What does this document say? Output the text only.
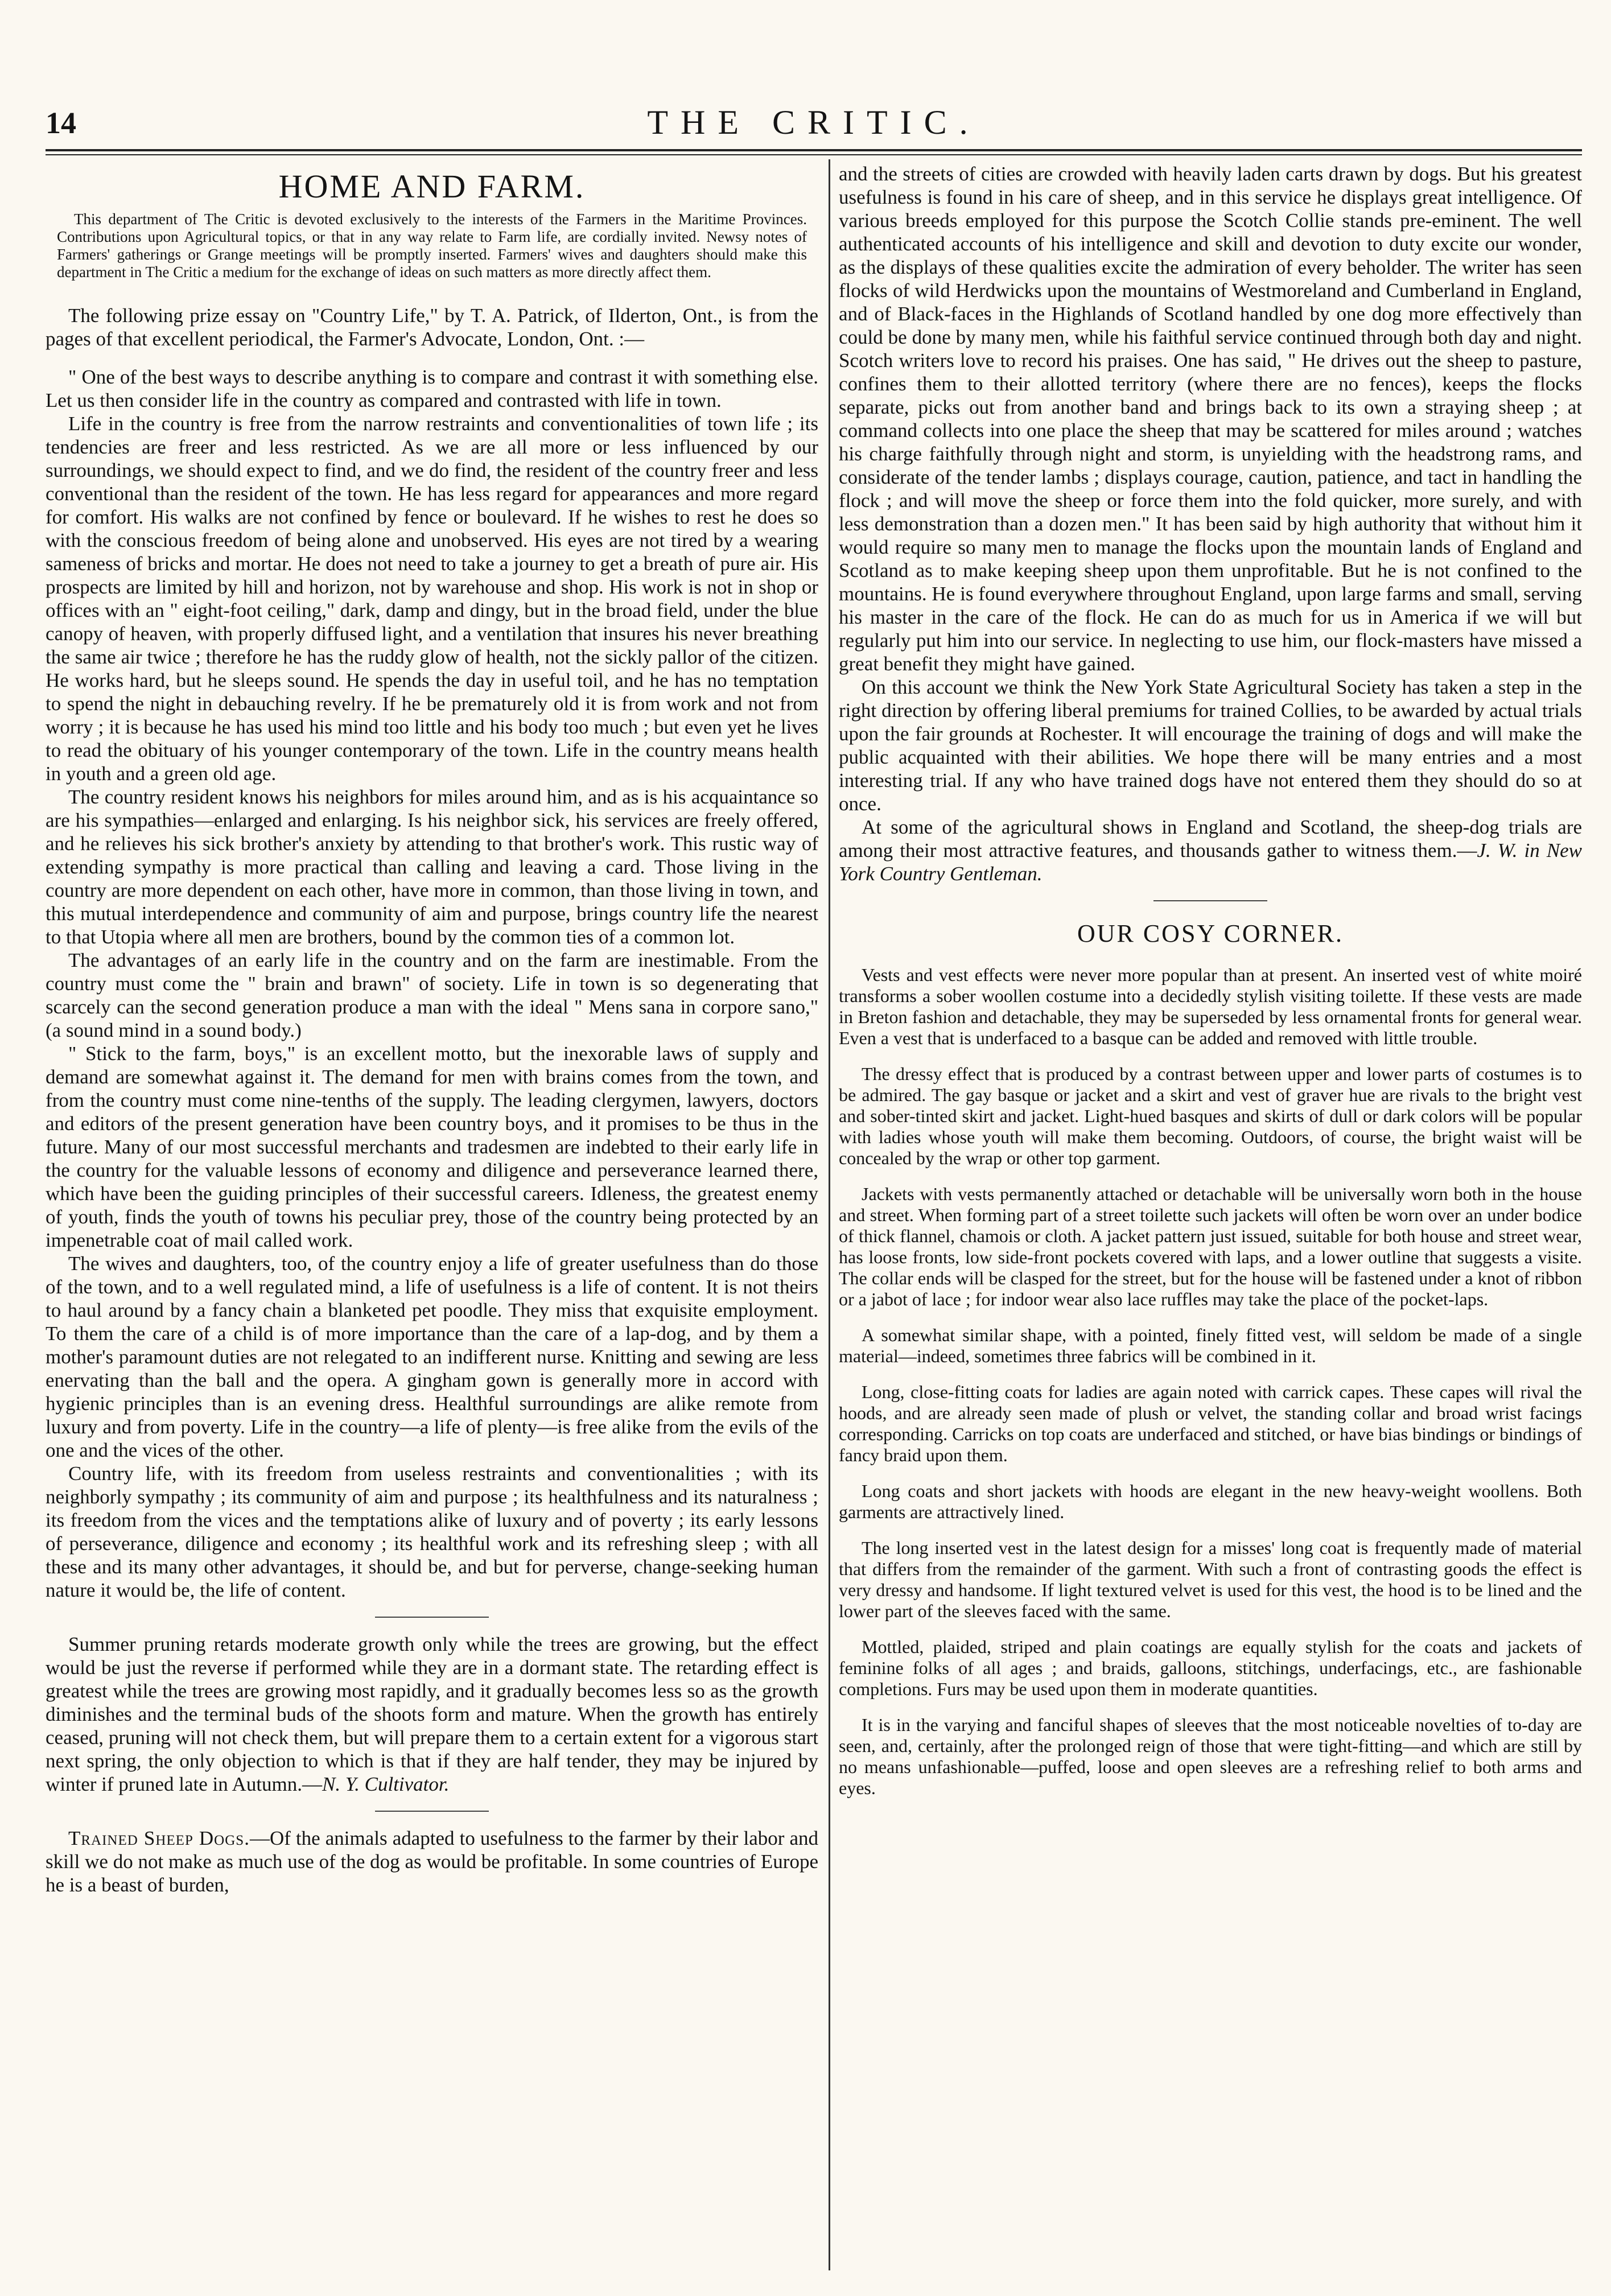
14	THE CRITIC.
HOME AND FARM.
This department of The Critic is devoted exclusively to the interests of the Farmers in the Maritime Provinces. Contributions upon Agricultural topics, or that in any way relate to Farm life, are cordially invited. Newsy notes of Farmers' gatherings or Grange meetings will be promptly inserted. Farmers' wives and daughters should make this department in The Critic a medium for the exchange of ideas on such matters as more directly affect them.

The following prize essay on "Country Life," by T. A. Patrick, of Ilderton, Ont., is from the pages of that excellent periodical, the Farmer's Advocate, London, Ont. :—

" One of the best ways to describe anything is to compare and contrast it with something else. Let us then consider life in the country as compared and contrasted with life in town.

Life in the country is free from the narrow restraints and conventionalities of town life ; its tendencies are freer and less restricted. As we are all more or less influenced by our surroundings, we should expect to find, and we do find, the resident of the country freer and less conventional than the resident of the town. He has less regard for appearances and more regard for comfort. His walks are not confined by fence or boulevard. If he wishes to rest he does so with the conscious freedom of being alone and unobserved. His eyes are not tired by a wearing sameness of bricks and mortar. He does not need to take a journey to get a breath of pure air. His prospects are limited by hill and horizon, not by warehouse and shop. His work is not in shop or offices with an " eight-foot ceiling," dark, damp and dingy, but in the broad field, under the blue canopy of heaven, with properly diffused light, and a ventilation that insures his never breathing the same air twice ; therefore he has the ruddy glow of health, not the sickly pallor of the citizen. He works hard, but he sleeps sound. He spends the day in useful toil, and he has no temptation to spend the night in debauching revelry. If he be prematurely old it is from work and not from worry ; it is because he has used his mind too little and his body too much ; but even yet he lives to read the obituary of his younger contemporary of the town. Life in the country means health in youth and a green old age.

The country resident knows his neighbors for miles around him, and as is his acquaintance so are his sympathies—enlarged and enlarging. Is his neighbor sick, his services are freely offered, and he relieves his sick brother's anxiety by attending to that brother's work. This rustic way of extending sympathy is more practical than calling and leaving a card. Those living in the country are more dependent on each other, have more in common, than those living in town, and this mutual interdependence and community of aim and purpose, brings country life the nearest to that Utopia where all men are brothers, bound by the common ties of a common lot.

The advantages of an early life in the country and on the farm are inestimable. From the country must come the " brain and brawn" of society. Life in town is so degenerating that scarcely can the second generation produce a man with the ideal " Mens sana in corpore sano," (a sound mind in a sound body.)

" Stick to the farm, boys," is an excellent motto, but the inexorable laws of supply and demand are somewhat against it. The demand for men with brains comes from the town, and from the country must come nine-tenths of the supply. The leading clergymen, lawyers, doctors and editors of the present generation have been country boys, and it promises to be thus in the future. Many of our most successful merchants and tradesmen are indebted to their early life in the country for the valuable lessons of economy and diligence and perseverance learned there, which have been the guiding principles of their successful careers. Idleness, the greatest enemy of youth, finds the youth of towns his peculiar prey, those of the country being protected by an impenetrable coat of mail called work.

The wives and daughters, too, of the country enjoy a life of greater usefulness than do those of the town, and to a well regulated mind, a life of usefulness is a life of content. It is not theirs to haul around by a fancy chain a blanketed pet poodle. They miss that exquisite employment. To them the care of a child is of more importance than the care of a lap-dog, and by them a mother's paramount duties are not relegated to an indifferent nurse. Knitting and sewing are less enervating than the ball and the opera. A gingham gown is generally more in accord with hygienic principles than is an evening dress. Healthful surroundings are alike remote from luxury and from poverty. Life in the country—a life of plenty—is free alike from the evils of the one and the vices of the other.

Country life, with its freedom from useless restraints and conventionalities ; with its neighborly sympathy ; its community of aim and purpose ; its healthfulness and its naturalness ; its freedom from the vices and the temptations alike of luxury and of poverty ; its early lessons of perseverance, diligence and economy ; its healthful work and its refreshing sleep ; with all these and its many other advantages, it should be, and but for perverse, change-seeking human nature it would be, the life of content.

Summer pruning retards moderate growth only while the trees are growing, but the effect would be just the reverse if performed while they are in a dormant state. The retarding effect is greatest while the trees are growing most rapidly, and it gradually becomes less so as the growth diminishes and the terminal buds of the shoots form and mature. When the growth has entirely ceased, pruning will not check them, but will prepare them to a certain extent for a vigorous start next spring, the only objection to which is that if they are half tender, they may be injured by winter if pruned late in Autumn.—N. Y. Cultivator.

Trained Sheep Dogs.—Of the animals adapted to usefulness to the farmer by their labor and skill we do not make as much use of the dog as would be profitable. In some countries of Europe he is a beast of burden,

and the streets of cities are crowded with heavily laden carts drawn by dogs. But his greatest usefulness is found in his care of sheep, and in this service he displays great intelligence. Of various breeds employed for this purpose the Scotch Collie stands pre-eminent. The well authenticated accounts of his intelligence and skill and devotion to duty excite our wonder, as the displays of these qualities excite the admiration of every beholder. The writer has seen flocks of wild Herdwicks upon the mountains of Westmoreland and Cumberland in England, and of Black-faces in the Highlands of Scotland handled by one dog more effectively than could be done by many men, while his faithful service continued through both day and night. Scotch writers love to record his praises. One has said, " He drives out the sheep to pasture, confines them to their allotted territory (where there are no fences), keeps the flocks separate, picks out from another band and brings back to its own a straying sheep ; at command collects into one place the sheep that may be scattered for miles around ; watches his charge faithfully through night and storm, is unyielding with the headstrong rams, and considerate of the tender lambs ; displays courage, caution, patience, and tact in handling the flock ; and will move the sheep or force them into the fold quicker, more surely, and with less demonstration than a dozen men." It has been said by high authority that without him it would require so many men to manage the flocks upon the mountain lands of England and Scotland as to make keeping sheep upon them unprofitable. But he is not confined to the mountains. He is found everywhere throughout England, upon large farms and small, serving his master in the care of the flock. He can do as much for us in America if we will but regularly put him into our service. In neglecting to use him, our flock-masters have missed a great benefit they might have gained.

On this account we think the New York State Agricultural Society has taken a step in the right direction by offering liberal premiums for trained Collies, to be awarded by actual trials upon the fair grounds at Rochester. It will encourage the training of dogs and will make the public acquainted with their abilities. We hope there will be many entries and a most interesting trial. If any who have trained dogs have not entered them they should do so at once.

At some of the agricultural shows in England and Scotland, the sheep-dog trials are among their most attractive features, and thousands gather to witness them.—J. W. in New York Country Gentleman.

OUR COSY CORNER.

Vests and vest effects were never more popular than at present. An inserted vest of white moiré transforms a sober woollen costume into a decidedly stylish visiting toilette. If these vests are made in Breton fashion and detachable, they may be superseded by less ornamental fronts for general wear. Even a vest that is underfaced to a basque can be added and removed with little trouble.

The dressy effect that is produced by a contrast between upper and lower parts of costumes is to be admired. The gay basque or jacket and a skirt and vest of graver hue are rivals to the bright vest and sober-tinted skirt and jacket. Light-hued basques and skirts of dull or dark colors will be popular with ladies whose youth will make them becoming. Outdoors, of course, the bright waist will be concealed by the wrap or other top garment.

Jackets with vests permanently attached or detachable will be universally worn both in the house and street. When forming part of a street toilette such jackets will often be worn over an under bodice of thick flannel, chamois or cloth. A jacket pattern just issued, suitable for both house and street wear, has loose fronts, low side-front pockets covered with laps, and a lower outline that suggests a visite. The collar ends will be clasped for the street, but for the house will be fastened under a knot of ribbon or a jabot of lace ; for indoor wear also lace ruffles may take the place of the pocket-laps.

A somewhat similar shape, with a pointed, finely fitted vest, will seldom be made of a single material—indeed, sometimes three fabrics will be combined in it.

Long, close-fitting coats for ladies are again noted with carrick capes. These capes will rival the hoods, and are already seen made of plush or velvet, the standing collar and broad wrist facings corresponding. Carricks on top coats are underfaced and stitched, or have bias bindings or bindings of fancy braid upon them.

Long coats and short jackets with hoods are elegant in the new heavy-weight woollens. Both garments are attractively lined.

The long inserted vest in the latest design for a misses' long coat is frequently made of material that differs from the remainder of the garment. With such a front of contrasting goods the effect is very dressy and handsome. If light textured velvet is used for this vest, the hood is to be lined and the lower part of the sleeves faced with the same.

Mottled, plaided, striped and plain coatings are equally stylish for the coats and jackets of feminine folks of all ages ; and braids, galloons, stitchings, underfacings, etc., are fashionable completions. Furs may be used upon them in moderate quantities.

It is in the varying and fanciful shapes of sleeves that the most noticeable novelties of to-day are seen, and, certainly, after the prolonged reign of those that were tight-fitting—and which are still by no means unfashionable—puffed, loose and open sleeves are a refreshing relief to both arms and eyes.
